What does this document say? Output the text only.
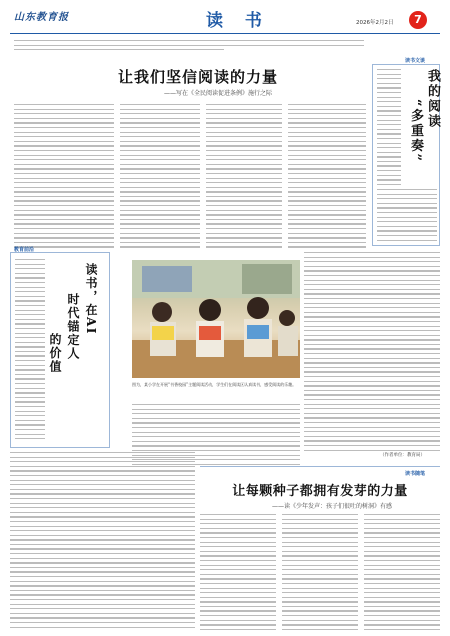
山东教育报	读 书	2026年2月2日	7
让我们坚信阅读的力量
——写在《全民阅读促进条例》施行之际
读书文谈
我的阅读
“多重奏”
（作者单位：教育局）
教育前沿
读书，在AI
时代锚定人
的价值
图为，某小学在开展“书香校园”主题阅读活动，学生们在阅读区认真读书，感受阅读的乐趣。
读书随笔
让每颗种子都拥有发芽的力量
——读《少年发声：孩子们很吐的树洞》有感
